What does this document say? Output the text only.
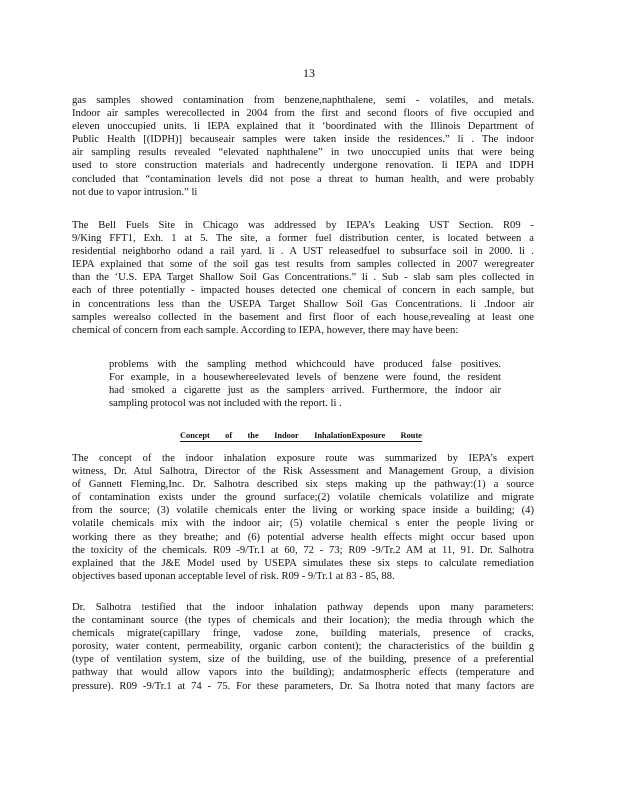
13
gas samples showed contamination from benzene,naphthalene, semi - volatiles, and metals.
Indoor air samples werecollected in 2004 from the first and second floors of five occupied and
eleven unoccupied units. li IEPA explained that it ‘boordinated with the Illinois Department of
Public Health [(IDPH)] becauseair samples were taken inside the residences.” li . The indoor
air sampling results revealed “elevated naphthalene” in two unoccupied units that were being
used to store construction materials and hadrecently undergone renovation. li IEPA and IDPH
concluded that “contamination levels did not pose a threat to human health, and were probably
not due to vapor intrusion.” li
The Bell Fuels Site in Chicago was addressed by IEPA’s Leaking UST Section. R09 -
9/King FFT1, Exh. 1 at 5. The site, a former fuel distribution center, is located between a
residential neighborho odand a rail yard. li . A UST releasedfuel to subsurface soil in 2000. li .
IEPA explained that some of the soil gas test results from samples collected in 2007 weregreater
than the ‘U.S. EPA Target Shallow Soil Gas Concentrations.” li . Sub - slab sam ples collected in
each of three potentially - impacted houses detected one chemical of concern in each sample, but
in concentrations less than the USEPA Target Shallow Soil Gas Concentrations. li .Indoor air
samples werealso collected in the basement and first floor of each house,revealing at least one
chemical of concern from each sample. According to IEPA, however, there may have been:
problems with the sampling method whichcould have produced false positives.
For example, in a housewhereelevated levels of benzene were found, the resident
had smoked a cigarette just as the samplers arrived. Furthermore, the indoor air
sampling protocol was not included with the report. li .
Concept of the Indoor InhalationExposure Route
The concept of the indoor inhalation exposure route was summarized by IEPA’s expert
witness, Dr. Atul Salhotra, Director of the Risk Assessment and Management Group, a division
of Gannett Fleming,Inc. Dr. Salhotra described six steps making up the pathway:(1) a source
of contamination exists under the ground surface;(2) volatile chemicals volatilize and migrate
from the source; (3) volatile chemicals enter the living or working space inside a building; (4)
volatile chemicals mix with the indoor air; (5) volatile chemical s enter the people living or
working there as they breathe; and (6) potential adverse health effects might occur based upon
the toxicity of the chemicals. R09 -9/Tr.1 at 60, 72 - 73; R09 -9/Tr.2 AM at 11, 91. Dr. Salhotra
explained that the J&E Model used by USEPA simulates these six steps to calculate remediation
objectives based uponan acceptable level of risk. R09 - 9/Tr.1 at 83 - 85, 88.
Dr. Salhotra testified that the indoor inhalation pathway depends upon many parameters:
the contaminant source (the types of chemicals and their location); the media through which the
chemicals migrate(capillary fringe, vadose zone, building materials, presence of cracks,
porosity, water content, permeability, organic carbon content); the characteristics of the buildin g
(type of ventilation system, size of the building, use of the building, presence of a preferential
pathway that would allow vapors into the building); andatmospheric effects (temperature and
pressure). R09 -9/Tr.1 at 74 - 75. For these parameters, Dr. Sa lhotra noted that many factors are
